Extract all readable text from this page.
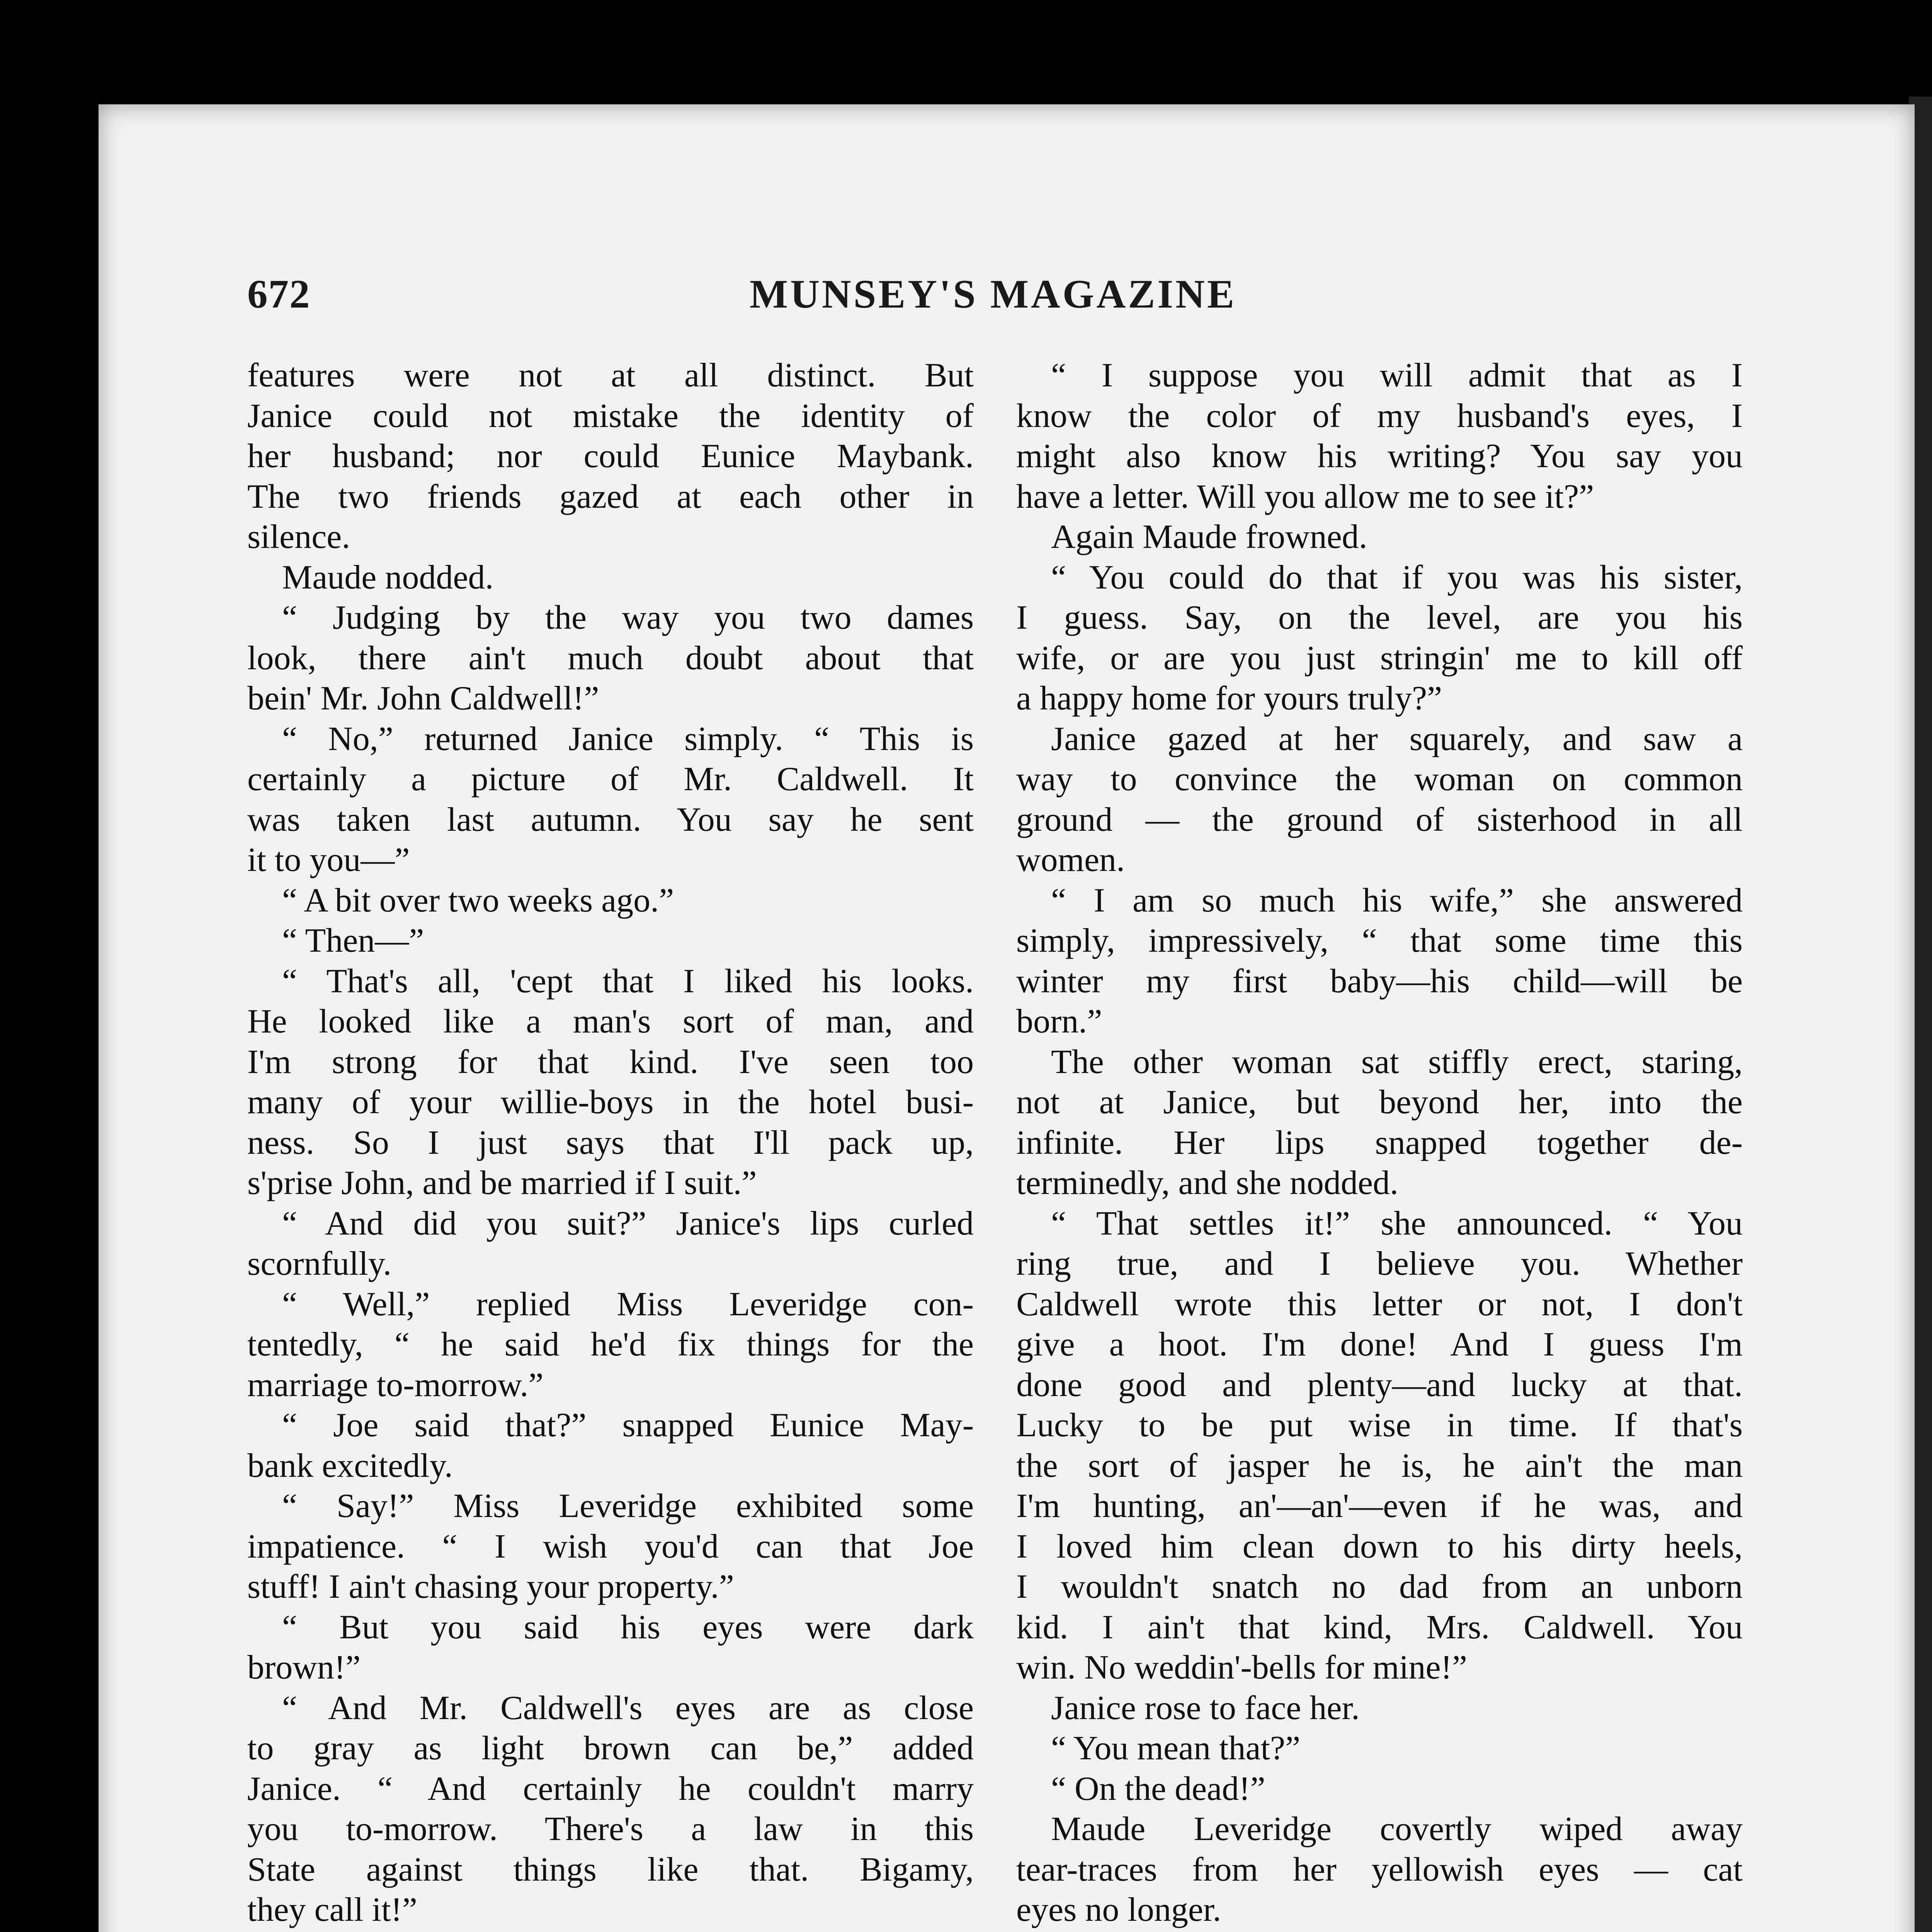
672	MUNSEY'S MAGAZINE
features were not at all distinct. But
Janice could not mistake the identity of
her husband; nor could Eunice Maybank.
The two friends gazed at each other in
silence.
Maude nodded.
“ Judging by the way you two dames
look, there ain't much doubt about that
bein' Mr. John Caldwell!”
“ No,” returned Janice simply. “ This is
certainly a picture of Mr. Caldwell. It
was taken last autumn. You say he sent
it to you—”
“ A bit over two weeks ago.”
“ Then—”
“ That's all, 'cept that I liked his looks.
He looked like a man's sort of man, and
I'm strong for that kind. I've seen too
many of your willie-boys in the hotel busi-
ness. So I just says that I'll pack up,
s'prise John, and be married if I suit.”
“ And did you suit?” Janice's lips curled
scornfully.
“ Well,” replied Miss Leveridge con-
tentedly, “ he said he'd fix things for the
marriage to-morrow.”
“ Joe said that?” snapped Eunice May-
bank excitedly.
“ Say!” Miss Leveridge exhibited some
impatience. “ I wish you'd can that Joe
stuff! I ain't chasing your property.”
“ But you said his eyes were dark
brown!”
“ And Mr. Caldwell's eyes are as close
to gray as light brown can be,” added
Janice. “ And certainly he couldn't marry
you to-morrow. There's a law in this
State against things like that. Bigamy,
they call it!”
“ I suppose you will admit that as I
know the color of my husband's eyes, I
might also know his writing? You say you
have a letter. Will you allow me to see it?”
Again Maude frowned.
“ You could do that if you was his sister,
I guess. Say, on the level, are you his
wife, or are you just stringin' me to kill off
a happy home for yours truly?”
Janice gazed at her squarely, and saw a
way to convince the woman on common
ground — the ground of sisterhood in all
women.
“ I am so much his wife,” she answered
simply, impressively, “ that some time this
winter my first baby—his child—will be
born.”
The other woman sat stiffly erect, staring,
not at Janice, but beyond her, into the
infinite. Her lips snapped together de-
terminedly, and she nodded.
“ That settles it!” she announced. “ You
ring true, and I believe you. Whether
Caldwell wrote this letter or not, I don't
give a hoot. I'm done! And I guess I'm
done good and plenty—and lucky at that.
Lucky to be put wise in time. If that's
the sort of jasper he is, he ain't the man
I'm hunting, an'—an'—even if he was, and
I loved him clean down to his dirty heels,
I wouldn't snatch no dad from an unborn
kid. I ain't that kind, Mrs. Caldwell. You
win. No weddin'-bells for mine!”
Janice rose to face her.
“ You mean that?”
“ On the dead!”
Maude Leveridge covertly wiped away
tear-traces from her yellowish eyes — cat
eyes no longer.
